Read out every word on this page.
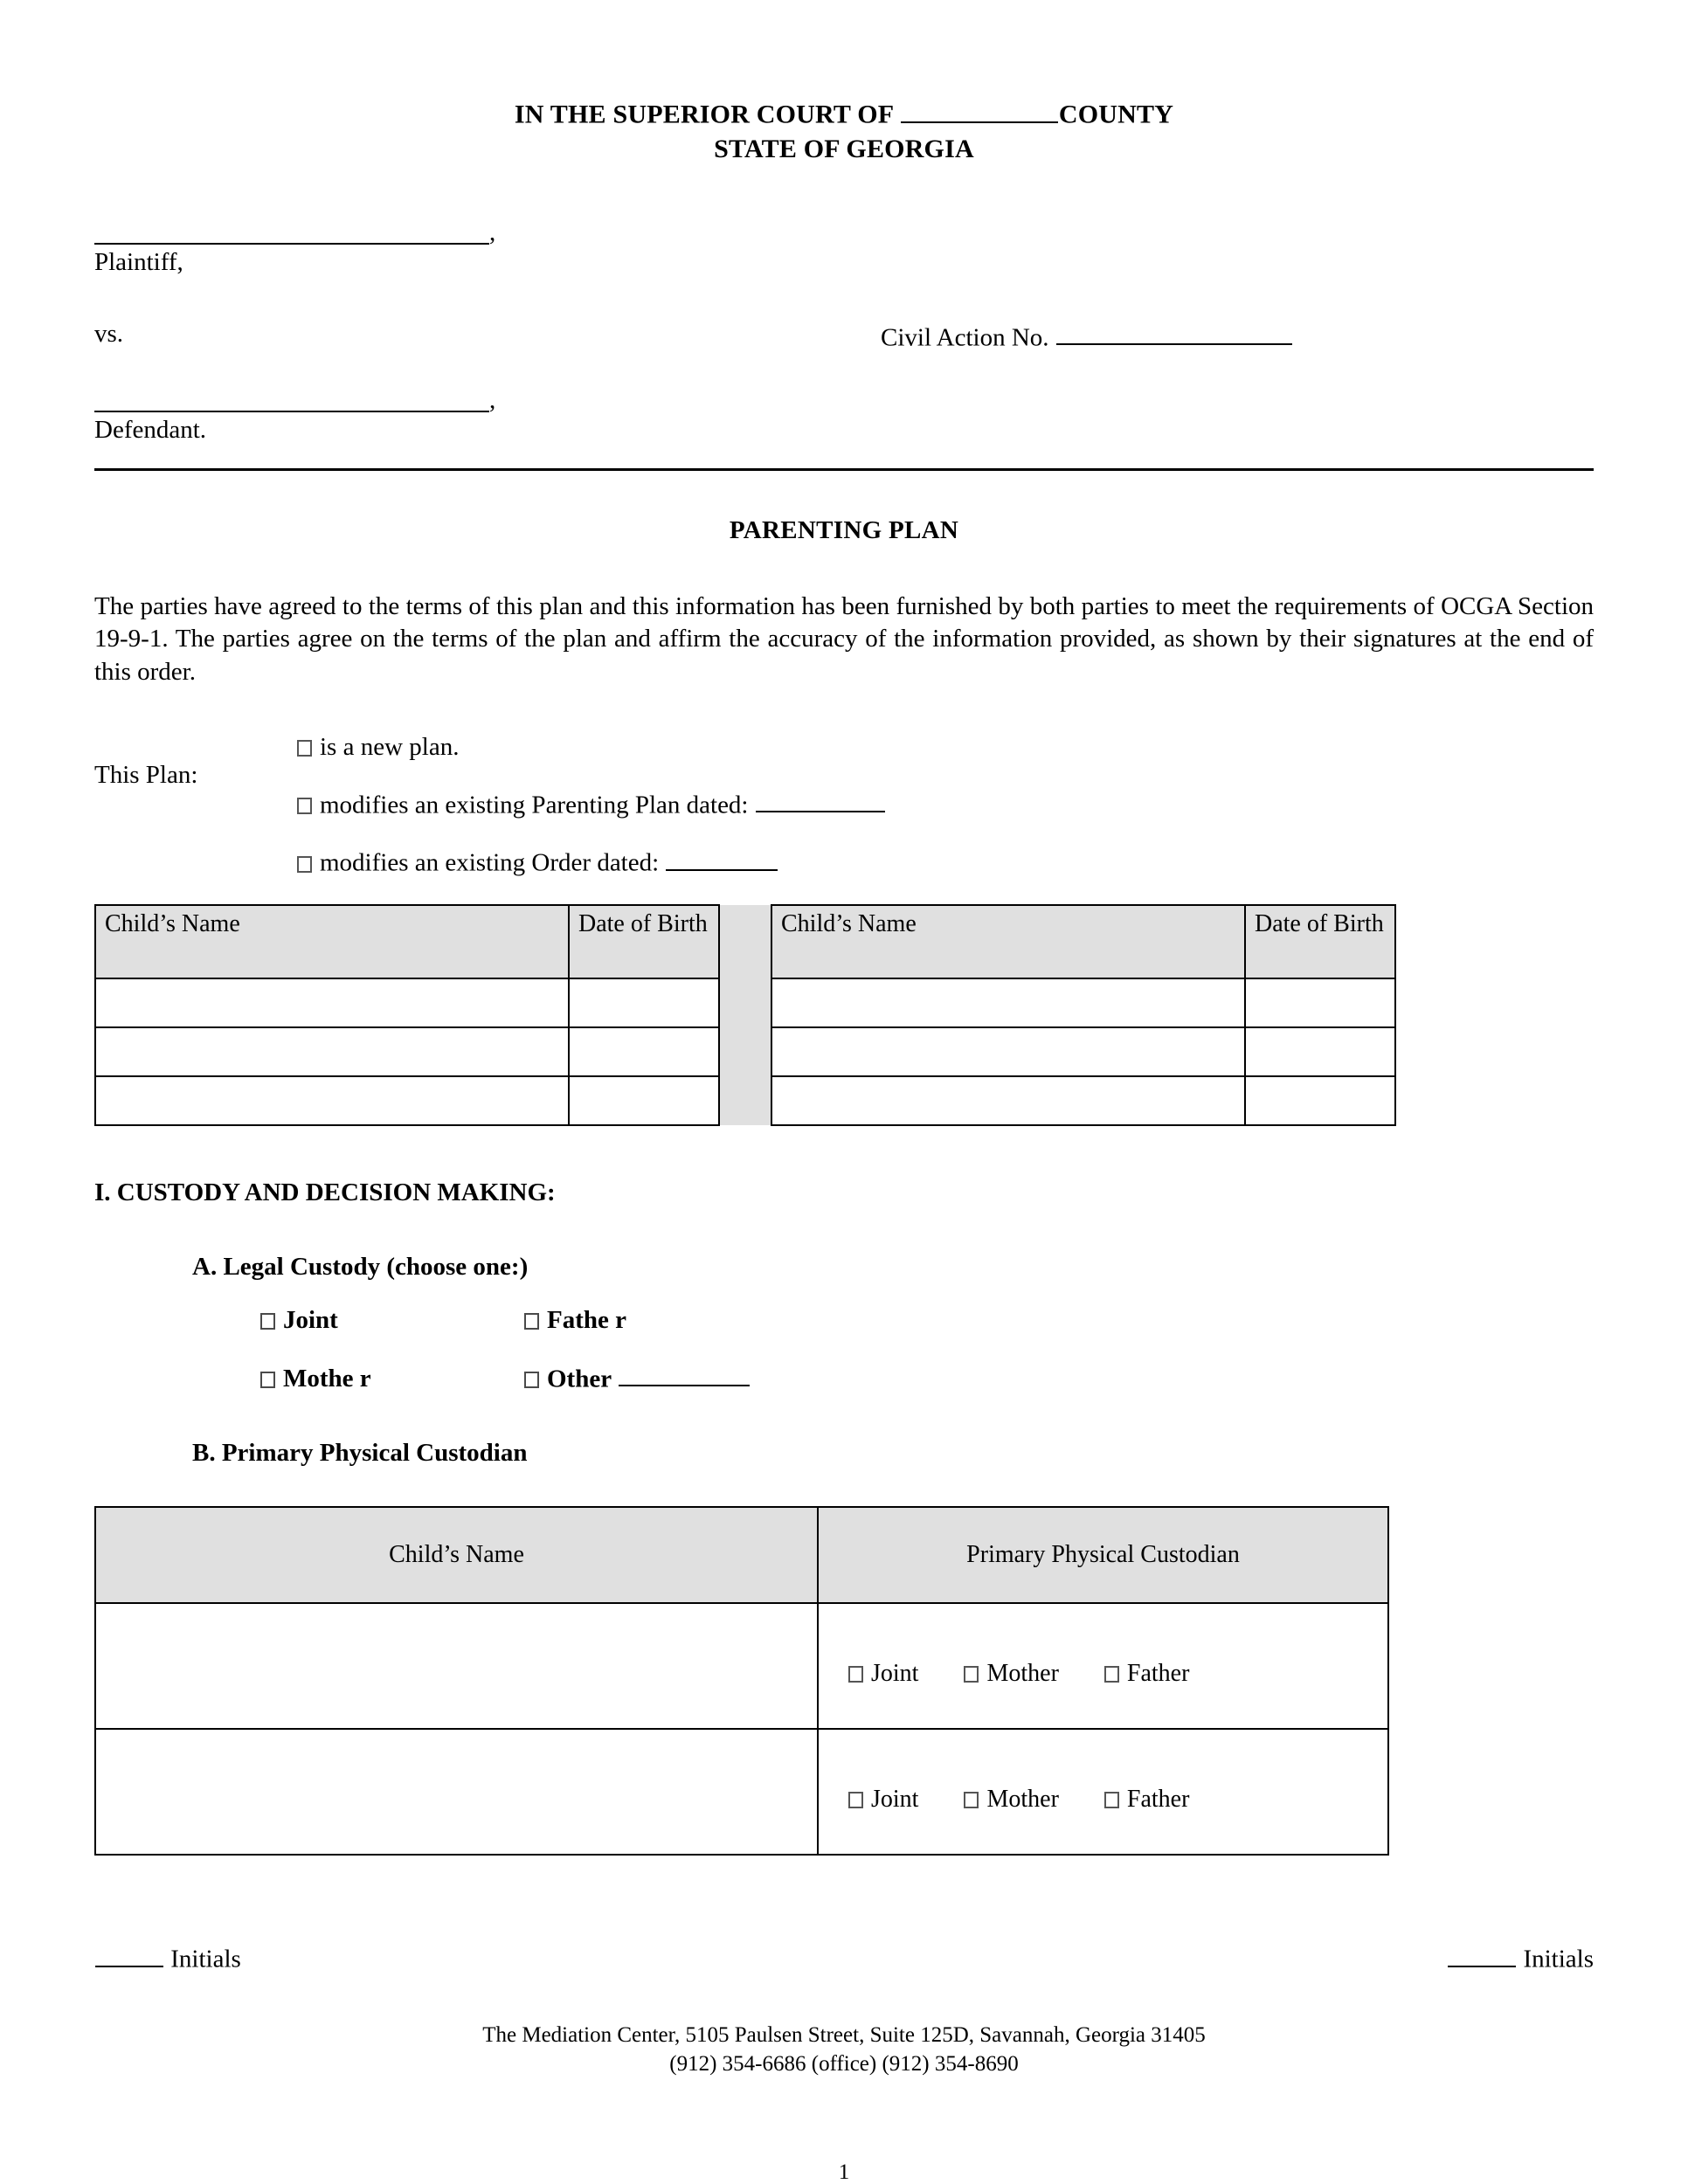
IN THE SUPERIOR COURT OF	COUNTY
STATE OF GEORGIA
,
Plaintiff,
vs.	Civil Action No.
,
Defendant.
PARENTING PLAN
The parties have agreed to the terms of this plan and this information has been furnished by both parties to meet the requirements of OCGA Section 19-9-1. The parties agree on the terms of the plan and affirm the accuracy of the information provided, as shown by their signatures at the end of this order.
This Plan:
is a new plan.
modifies an existing Parenting Plan dated:
modifies an existing Order dated:
Child’s Name	Date of Birth		Child’s Name	Date of Birth

I. CUSTODY AND DECISION MAKING:
A. Legal Custody (choose one:)
Joint	Fathe r
Mothe r	Other
B. Primary Physical Custodian
Child’s Name	Primary Physical Custodian
	Joint Mother Father
	Joint Mother Father
Initials	Initials
The Mediation Center, 5105 Paulsen Street, Suite 125D, Savannah, Georgia 31405
(912) 354-6686 (office) (912) 354-8690
1
